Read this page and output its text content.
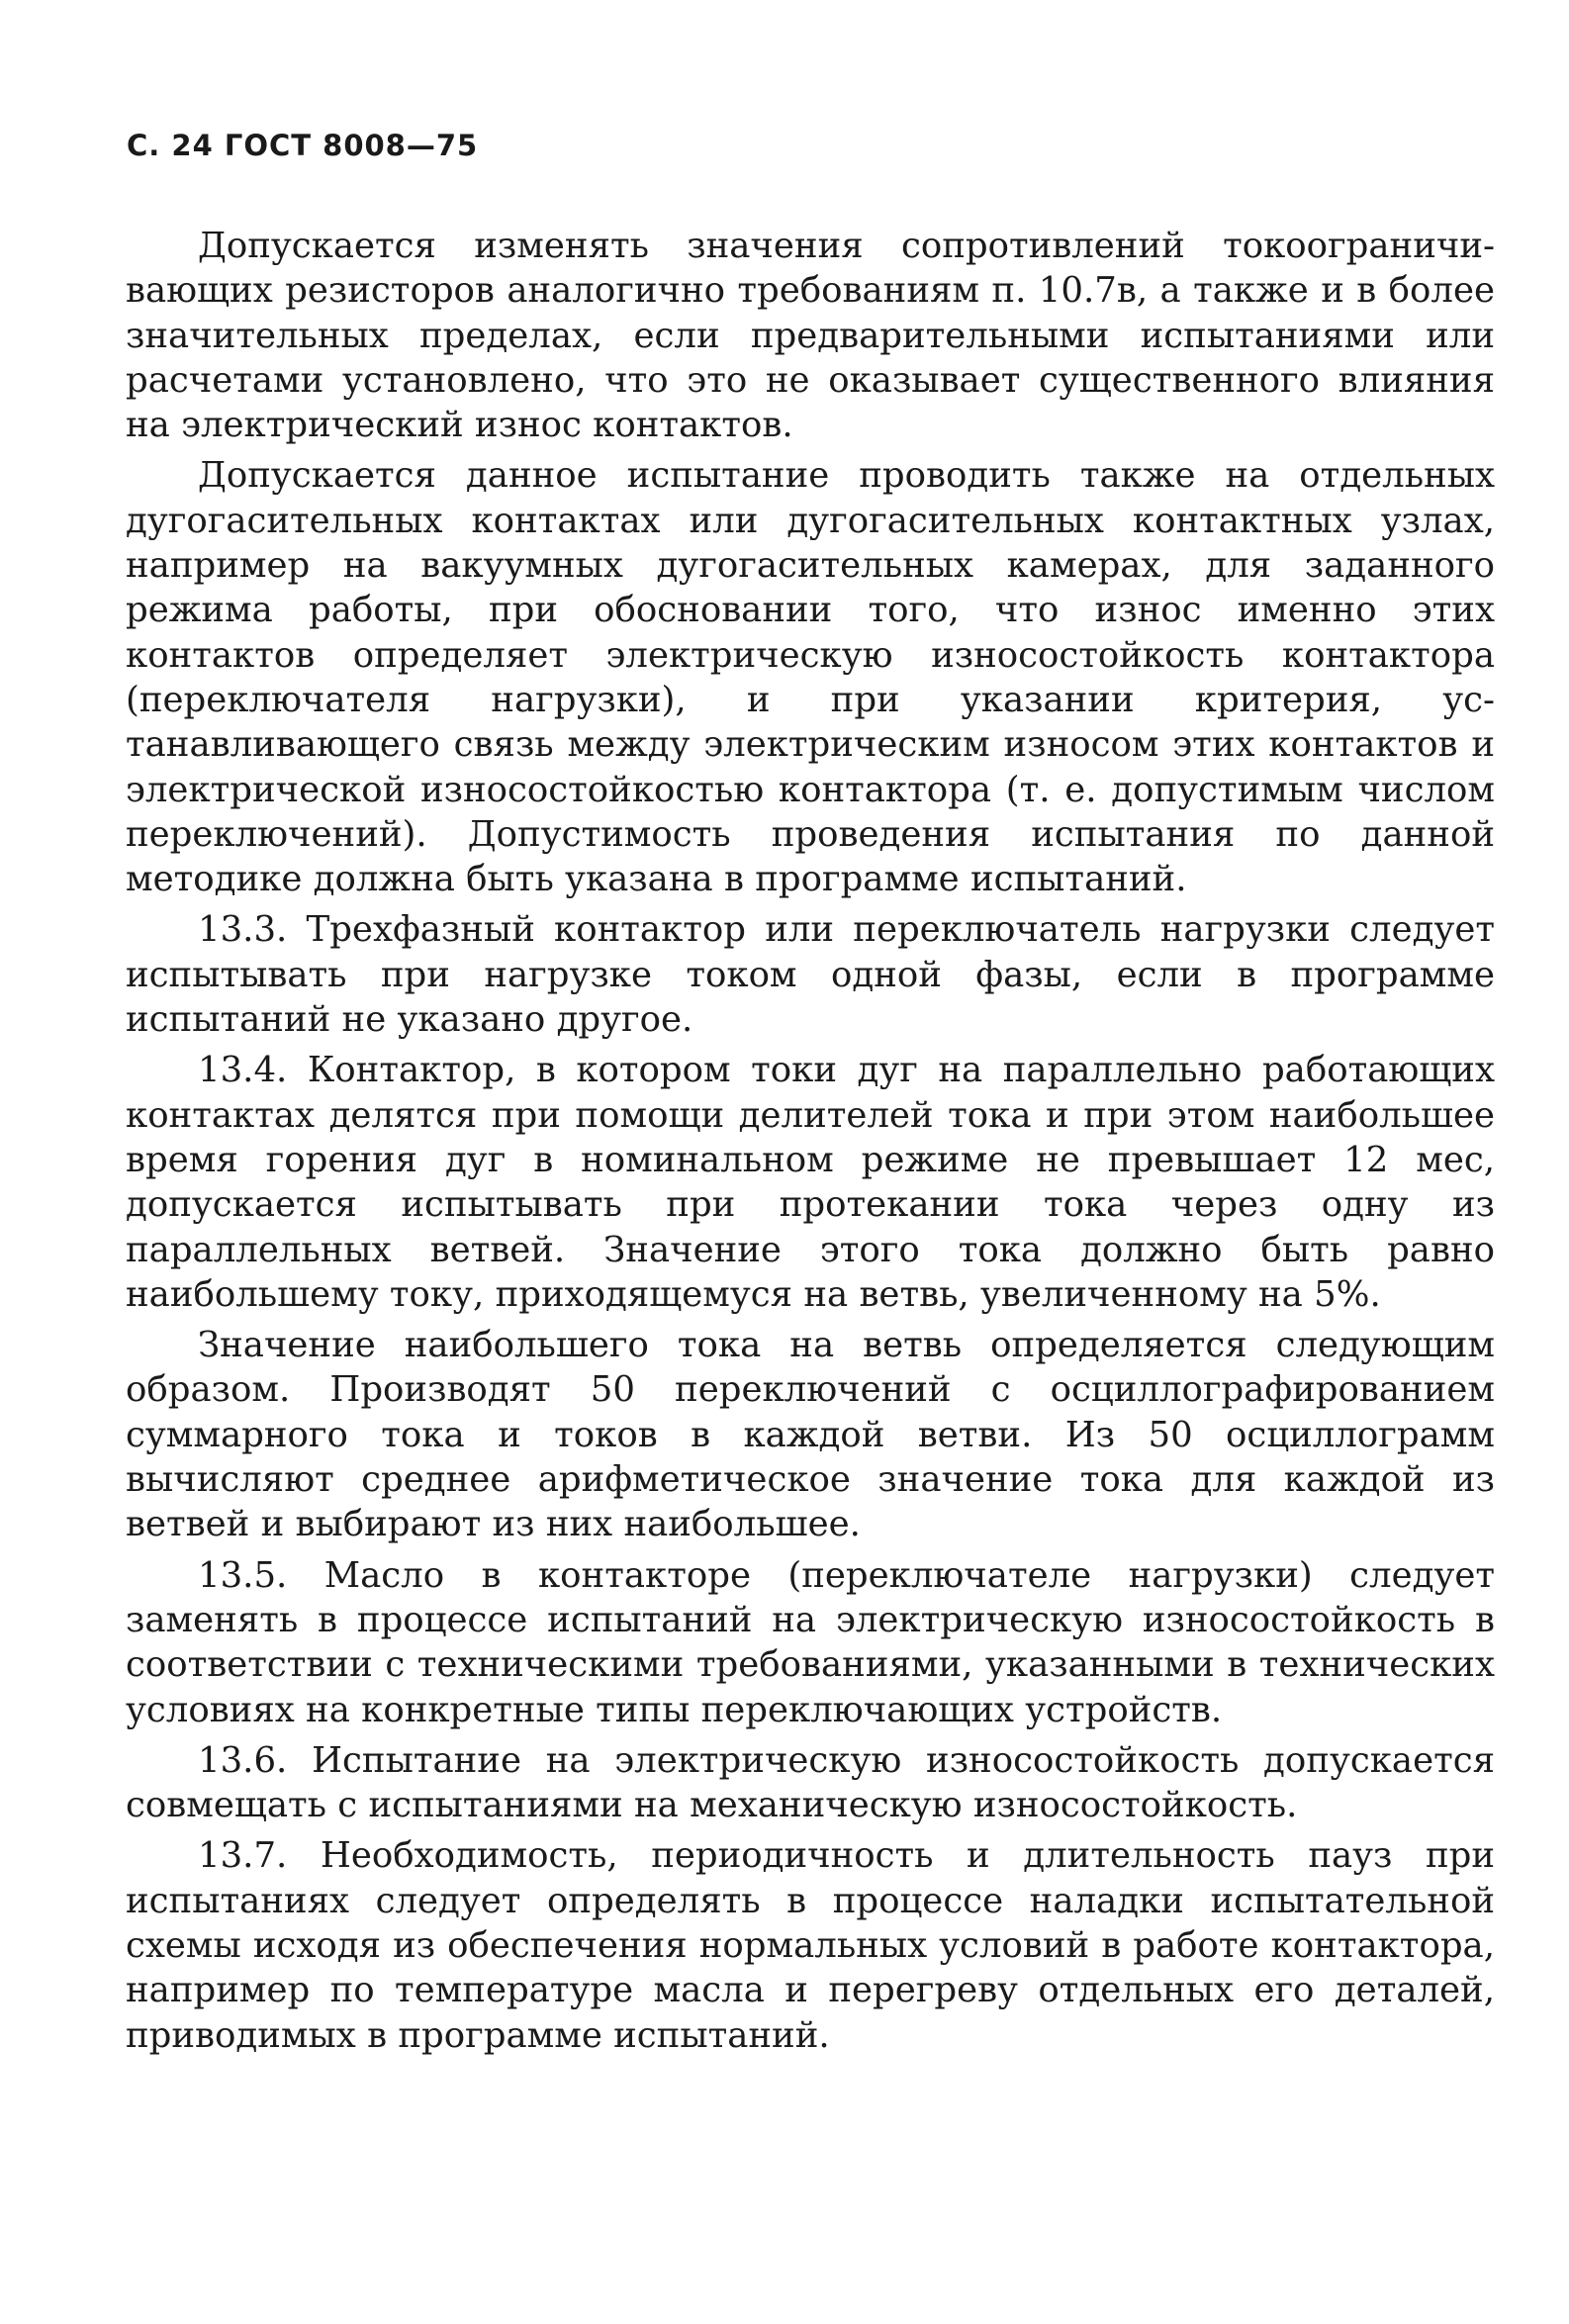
С. 24 ГОСТ 8008—75

Допускается изменять значения сопротивлений токоограничивающих резисторов аналогично требованиям п. 10.7в, а также и в более значительных пределах, если предварительными испытаниями или расчетами установлено, что это не оказывает существенного влияния на электрический износ контактов.

Допускается данное испытание проводить также на отдельных дугогасительных контактах или дугогасительных контактных узлах, например на вакуумных дугогасительных камерах, для заданного режима работы, при обосновании того, что износ именно этих контактов определяет электрическую износостойкость контактора (переключателя нагрузки), и при указании критерия, устанавливающего связь между электрическим износом этих контактов и электрической износостойкостью контактора (т. е. допустимым числом переключений). Допустимость проведения испытания по данной методике должна быть указана в программе испытаний.

13.3. Трехфазный контактор или переключатель нагрузки следует испытывать при нагрузке током одной фазы, если в программе испытаний не указано другое.

13.4. Контактор, в котором токи дуг на параллельно работающих контактах делятся при помощи делителей тока и при этом наибольшее время горения дуг в номинальном режиме не превышает 12 мес, допускается испытывать при протекании тока через одну из параллельных ветвей. Значение этого тока должно быть равно наибольшему току, приходящемуся на ветвь, увеличенному на 5%.

Значение наибольшего тока на ветвь определяется следующим образом. Производят 50 переключений с осциллографированием суммарного тока и токов в каждой ветви. Из 50 осциллограмм вычисляют среднее арифметическое значение тока для каждой из ветвей и выбирают из них наибольшее.

13.5. Масло в контакторе (переключателе нагрузки) следует заменять в процессе испытаний на электрическую износостойкость в соответствии с техническими требованиями, указанными в технических условиях на конкретные типы переключающих устройств.

13.6. Испытание на электрическую износостойкость допускается совмещать с испытаниями на механическую износостойкость.

13.7. Необходимость, периодичность и длительность пауз при испытаниях следует определять в процессе наладки испытательной схемы исходя из обеспечения нормальных условий в работе контактора, например по температуре масла и перегреву отдельных его деталей, приводимых в программе испытаний.
